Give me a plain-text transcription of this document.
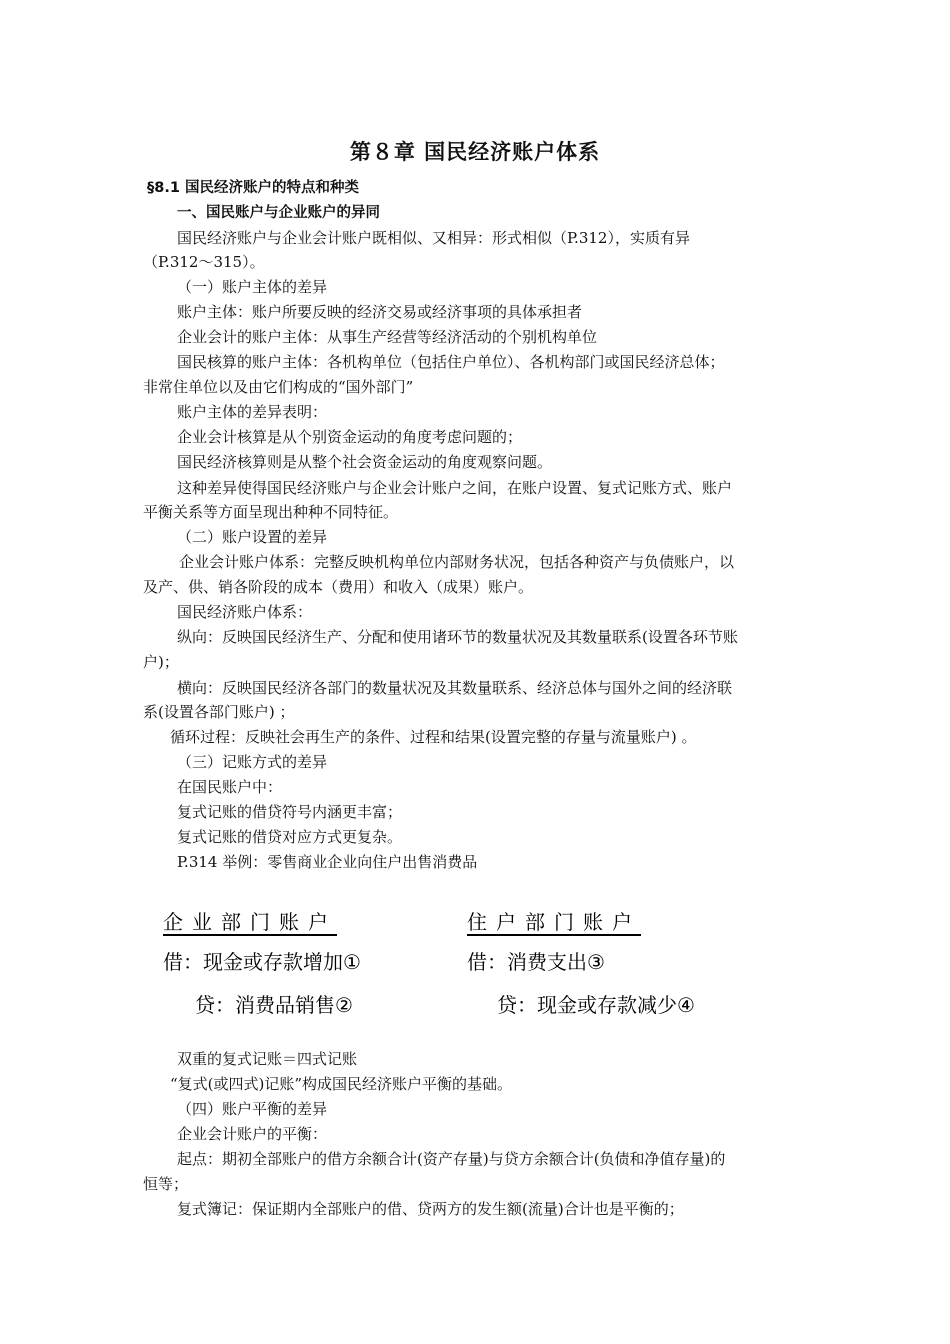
第８章 国民经济账户体系
§8.1 国民经济账户的特点和种类
一、国民账户与企业账户的异同
国民经济账户与企业会计账户既相似、又相异：形式相似（P.312），实质有异
（P.312～315）。
（一）账户主体的差异
账户主体：账户所要反映的经济交易或经济事项的具体承担者
企业会计的账户主体：从事生产经营等经济活动的个别机构单位
国民核算的账户主体：各机构单位（包括住户单位）、各机构部门或国民经济总体；
非常住单位以及由它们构成的“国外部门”
账户主体的差异表明：
企业会计核算是从个别资金运动的角度考虑问题的；
国民经济核算则是从整个社会资金运动的角度观察问题。
这种差异使得国民经济账户与企业会计账户之间，在账户设置、复式记账方式、账户
平衡关系等方面呈现出种种不同特征。
（二）账户设置的差异
企业会计账户体系：完整反映机构单位内部财务状况，包括各种资产与负债账户，以
及产、供、销各阶段的成本（费用）和收入（成果）账户。
国民经济账户体系：
纵向：反映国民经济生产、分配和使用诸环节的数量状况及其数量联系(设置各环节账
户)；
横向：反映国民经济各部门的数量状况及其数量联系、经济总体与国外之间的经济联
系(设置各部门账户) ；
循环过程：反映社会再生产的条件、过程和结果(设置完整的存量与流量账户) 。
（三）记账方式的差异
在国民账户中：
复式记账的借贷符号内涵更丰富；
复式记账的借贷对应方式更复杂。
P.314 举例：零售商业企业向住户出售消费品
企业部门账户	住户部门账户
借：现金或存款增加①	借：消费支出③
贷：消费品销售②	贷：现金或存款减少④
双重的复式记账＝四式记账
“复式(或四式)记账”构成国民经济账户平衡的基础。
（四）账户平衡的差异
企业会计账户的平衡：
起点：期初全部账户的借方余额合计(资产存量)与贷方余额合计(负债和净值存量)的
恒等；
复式簿记：保证期内全部账户的借、贷两方的发生额(流量)合计也是平衡的；
